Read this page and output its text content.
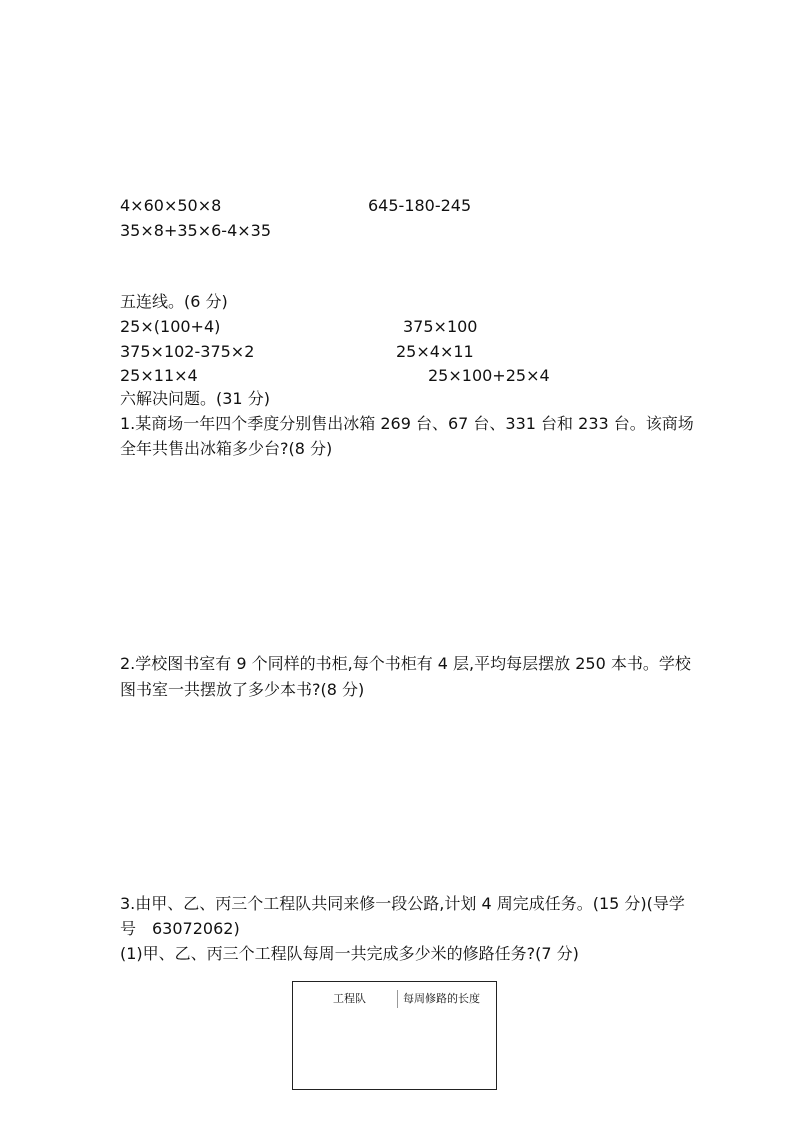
4×60×50×8	645-180-245
35×8+35×6-4×35
五连线。(6 分)
25×(100+4)	375×100
375×102-375×2	25×4×11
25×11×4	25×100+25×4
六解决问题。(31 分)
1.某商场一年四个季度分别售出冰箱 269 台、67 台、331 台和 233 台。该商场
全年共售出冰箱多少台?(8 分)
2.学校图书室有 9 个同样的书柜,每个书柜有 4 层,平均每层摆放 250 本书。学校
图书室一共摆放了多少本书?(8 分)
3.由甲、乙、丙三个工程队共同来修一段公路,计划 4 周完成任务。(15 分)(导学
号　63072062)
(1)甲、乙、丙三个工程队每周一共完成多少米的修路任务?(7 分)
工程队	每周修路的长度
